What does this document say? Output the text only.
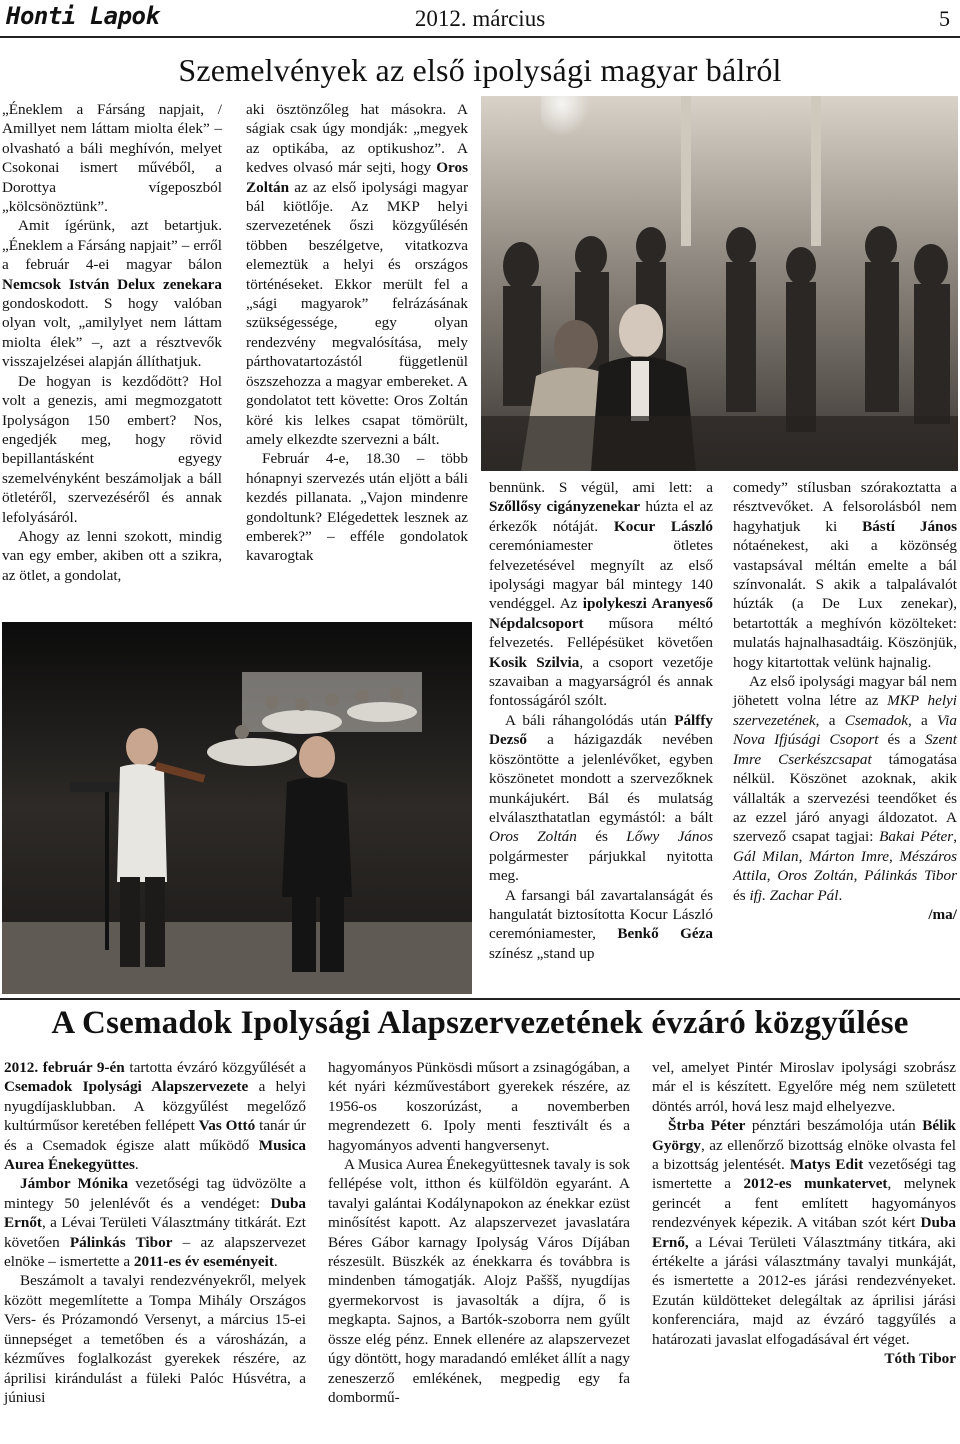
Honti Lapok	2012. március	5
Szemelvények az első ipolysági magyar bálról

„Éneklem a Fársáng napjait, / Amillyet nem láttam miolta élek” – olvasható a báli meghívón, melyet Csokonai ismert művéből, a Dorottya vígeposzból „kölcsönöztünk”.

Amit ígérünk, azt betartjuk. „Éneklem a Fársáng napjait” – erről a február 4-ei magyar bálon Nemcsok István Delux zenekara gondoskodott. S hogy valóban olyan volt, „amilylyet nem láttam miolta élek” –, azt a résztvevők visszajelzései alapján állíthatjuk.

De hogyan is kezdődött? Hol volt a genezis, ami megmozgatott Ipolyságon 150 embert? Nos, engedjék meg, hogy rövid bepillantásként egyegy szemelvényként beszámoljak a báll ötletéről, szervezéséről és annak lefolyásáról.

Ahogy az lenni szokott, mindig van egy ember, akiben ott a szikra, az ötlet, a gondolat,

aki ösztönzőleg hat másokra. A ságiak csak úgy mondják: „megyek az optikába, az optikushoz”. A kedves olvasó már sejti, hogy Oros Zoltán az az első ipolysági magyar bál kiötlője. Az MKP helyi szervezetének őszi közgyűlésén többen beszélgetve, vitatkozva elemeztük a helyi és országos történéseket. Ekkor merült fel a „sági magyarok” felrázásának szükségessége, egy olyan rendezvény megvalósítása, mely párthovatartozástól függetlenül öszszehozza a magyar embereket. A gondolatot tett követte: Oros Zoltán köré kis lelkes csapat tömörült, amely elkezdte szervezni a bált.

Február 4-e, 18.30 – több hónapnyi szervezés után eljött a báli kezdés pillanata. „Vajon mindenre gondoltunk? Elégedettek lesznek az emberek?” – efféle gondolatok kavarogtak

bennünk. S végül, ami lett: a Szőllősy cigányzenekar húzta el az érkezők nótáját. Kocur László ceremóniamester ötletes felvezetésével megnyílt az első ipolysági magyar bál mintegy 140 vendéggel. Az ipolykeszi Aranyeső Népdalcsoport műsora méltó felvezetés. Fellépésüket követően Kosik Szilvia, a csoport vezetője szavaiban a magyarságról és annak fontosságáról szólt.

A báli ráhangolódás után Pálffy Dezső a házigazdák nevében köszöntötte a jelenlévőket, egyben köszönetet mondott a szervezőknek munkájukért. Bál és mulatság elválaszthatatlan egymástól: a bált Oros Zoltán és Lőwy János polgármester párjukkal nyitotta meg.

A farsangi bál zavartalanságát és hangulatát biztosította Kocur László ceremóniamester, Benkő Géza színész „stand up

comedy” stílusban szórakoztatta a résztvevőket. A felsorolásból nem hagyhatjuk ki Bástí János nótaénekest, aki a közönség vastapsával méltán emelte a bál színvonalát. S akik a talpalávalót húzták (a De Lux zenekar), betartották a meghívón közölteket: mulatás hajnalhasadtáig. Köszönjük, hogy kitartottak velünk hajnalig.

Az első ipolysági magyar bál nem jöhetett volna létre az MKP helyi szervezetének, a Csemadok, a Via Nova Ifjúsági Csoport és a Szent Imre Cserkészcsapat támogatása nélkül. Köszönet azoknak, akik vállalták a szervezési teendőket és az ezzel járó anyagi áldozatot. A szervező csapat tagjai: Bakai Péter, Gál Milan, Márton Imre, Mészáros Attila, Oros Zoltán, Pálinkás Tibor és ifj. Zachar Pál.

/ma/

A Csemadok Ipolysági Alapszervezetének évzáró közgyűlése

2012. február 9-én tartotta évzáró közgyűlését a Csemadok Ipolysági Alapszervezete a helyi nyugdíjasklubban. A közgyűlést megelőző kultúrműsor keretében fellépett Vas Ottó tanár úr és a Csemadok égisze alatt működő Musica Aurea Énekegyüttes.

Jámbor Mónika vezetőségi tag üdvözölte a mintegy 50 jelenlévőt és a vendéget: Duba Ernőt, a Lévai Területi Választmány titkárát. Ezt követően Pálinkás Tibor – az alapszervezet elnöke – ismertette a 2011-es év eseményeit.

Beszámolt a tavalyi rendezvényekről, melyek között megemlítette a Tompa Mihály Országos Vers- és Prózamondó Versenyt, a március 15-ei ünnepséget a temetőben és a városházán, a kézműves foglalkozást gyerekek részére, az áprilisi kirándulást a füleki Palóc Húsvétra, a júniusi

hagyományos Pünkösdi műsort a zsinagógában, a két nyári kézművestábort gyerekek részére, az 1956-os koszorúzást, a novemberben megrendezett 6. Ipoly menti fesztivált és a hagyományos adventi hangversenyt.

A Musica Aurea Énekegyüttesnek tavaly is sok fellépése volt, itthon és külföldön egyaránt. A tavalyi galántai Kodálynapokon az énekkar ezüst minősítést kapott. Az alapszervezet javaslatára Béres Gábor karnagy Ipolyság Város Díjában részesült. Büszkék az énekkarra és továbbra is mindenben támogatják. Alojz Paššš, nyugdíjas gyermekorvost is javasolták a díjra, ő is megkapta. Sajnos, a Bartók-szoborra nem gyűlt össze elég pénz. Ennek ellenére az alapszervezet úgy döntött, hogy maradandó emléket állít a nagy zeneszerző emlékének, megpedig egy fa dombormű-

vel, amelyet Pintér Miroslav ipolysági szobrász már el is készített. Egyelőre még nem született döntés arról, hová lesz majd elhelyezve.

Štrba Péter pénztári beszámolója után Bélik György, az ellenőrző bizottság elnöke olvasta fel a bizottság jelentését. Matys Edit vezetőségi tag ismertette a 2012-es munkatervet, melynek gerincét a fent említett hagyományos rendezvények képezik. A vitában szót kért Duba Ernő, a Lévai Területi Választmány titkára, aki értékelte a járási választmány tavalyi munkáját, és ismertette a 2012-es járási rendezvényeket. Ezután küldötteket delegáltak az áprilisi járási konferenciára, majd az évzáró taggyűlés a határozati javaslat elfogadásával ért véget.

Tóth Tibor
